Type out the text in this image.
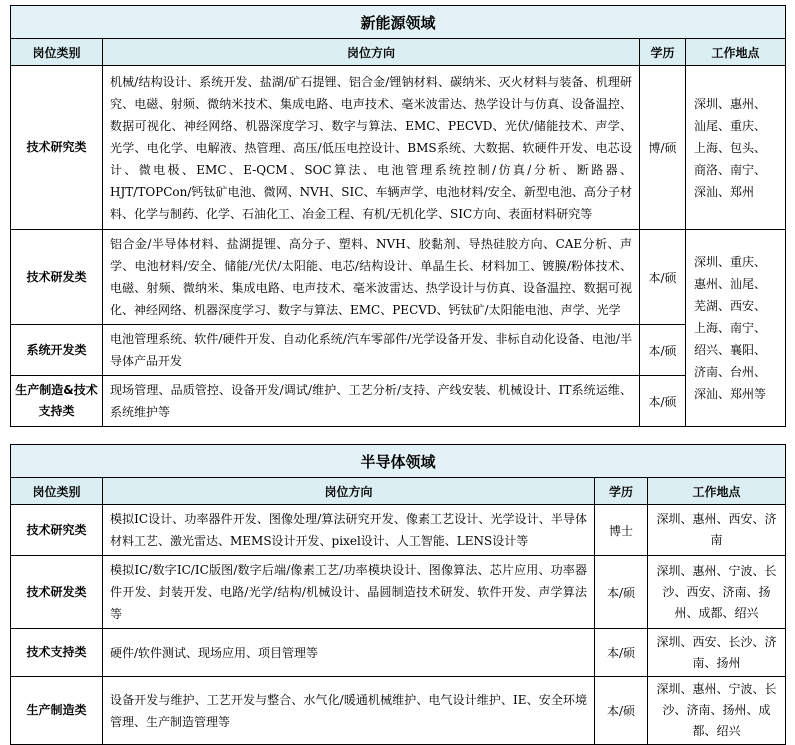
新能源领域			
岗位类别	岗位方向	学历	工作地点
技术研究类	机械/结构设计、系统开发、盐湖/矿石提锂、铝合金/锂钠材料、碳纳米、灭火材料与装备、机理研究、电磁、射频、微纳米技术、集成电路、电声技术、毫米波雷达、热学设计与仿真、设备温控、数据可视化、神经网络、机器深度学习、数字与算法、EMC、PECVD、光伏/储能技术、声学、光学、电化学、电解液、热管理、高压/低压电控设计、BMS系统、大数据、软硬件开发、电芯设计、微电极、EMC、E-QCM、SOC算法、电池管理系统控制/仿真/分析、断路器、HJT/TOPCon/钙钛矿电池、微网、NVH、SIC、车辆声学、电池材料/安全、新型电池、高分子材料、化学与制药、化学、石油化工、冶金工程、有机/无机化学、SIC方向、表面材料研究等	博/硕	深圳、惠州、汕尾、重庆、上海、包头、商洛、南宁、深汕、郑州
技术研发类	铝合金/半导体材料、盐湖提锂、高分子、塑料、NVH、胶黏剂、导热硅胶方向、CAE分析、声学、电池材料/安全、储能/光伏/太阳能、电芯/结构设计、单晶生长、材料加工、镀膜/粉体技术、电磁、射频、微纳米、集成电路、电声技术、毫米波雷达、热学设计与仿真、设备温控、数据可视化、神经网络、机器深度学习、数字与算法、EMC、PECVD、钙钛矿/太阳能电池、声学、光学	本/硕	深圳、重庆、惠州、汕尾、芜湖、西安、上海、南宁、绍兴、襄阳、济南、台州、深汕、郑州等
系统开发类	电池管理系统、软件/硬件开发、自动化系统/汽车零部件/光学设备开发、非标自动化设备、电池/半导体产品开发	本/硕	
生产制造&技术支持类	现场管理、品质管控、设备开发/调试/维护、工艺分析/支持、产线安装、机械设计、IT系统运维、系统维护等	本/硕	
半导体领域			
岗位类别	岗位方向	学历	工作地点
技术研究类	模拟IC设计、功率器件开发、图像处理/算法研究开发、像素工艺设计、光学设计、半导体材料工艺、激光雷达、MEMS设计开发、pixel设计、人工智能、LENS设计等	博士	深圳、惠州、西安、济南
技术研发类	模拟IC/数字IC/IC版图/数字后端/像素工艺/功率模块设计、图像算法、芯片应用、功率器件开发、封装开发、电路/光学/结构/机械设计、晶圆制造技术研发、软件开发、声学算法等	本/硕	深圳、惠州、宁波、长沙、西安、济南、扬州、成都、绍兴
技术支持类	硬件/软件测试、现场应用、项目管理等	本/硕	深圳、西安、长沙、济南、扬州
生产制造类	设备开发与维护、工艺开发与整合、水气化/暖通机械维护、电气设计维护、IE、安全环境管理、生产制造管理等	本/硕	深圳、惠州、宁波、长沙、济南、扬州、成都、绍兴
